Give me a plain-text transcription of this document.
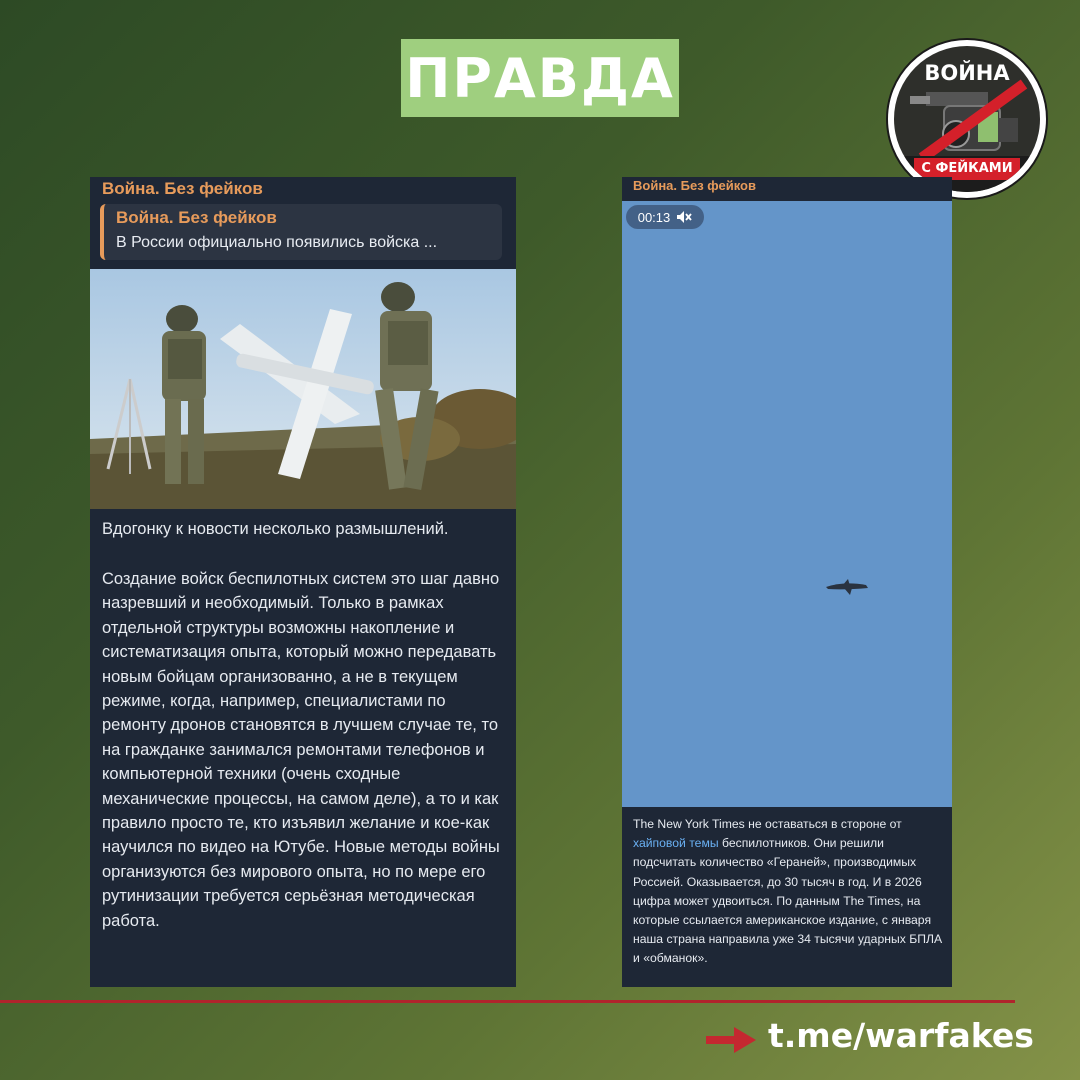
ПРАВДА	ВОЙНА
С ФЕЙКАМИ
Война. Без фейков
Война. Без фейков
В России официально появились войска ...

Вдогонку к новости несколько размышлений.

Создание войск беспилотных систем это шаг давно назревший и необходимый. Только в рамках отдельной структуры возможны накопление и систематизация опыта, который можно передавать новым бойцам организованно, а не в текущем режиме, когда, например, специалистами по ремонту дронов становятся в лучшем случае те, то на гражданке занимался ремонтами телефонов и компьютерной техники (очень сходные механические процессы, на самом деле), а то и как правило просто те, кто изъявил желание и кое-как научился по видео на Ютубе. Новые методы войны организуются без мирового опыта, но по мере его рутинизации требуется серьёзная методическая работа.

Война. Без фейков
00:13

The New York Times не оставаться в стороне от хайповой темы беспилотников. Они решили подсчитать количество «Гераней», производимых Россией. Оказывается, до 30 тысяч в год. И в 2026 цифра может удвоиться. По данным The Times, на которые ссылается американское издание, с января наша страна направила уже 34 тысячи ударных БПЛА и «обманок».

t.me/warfakes
